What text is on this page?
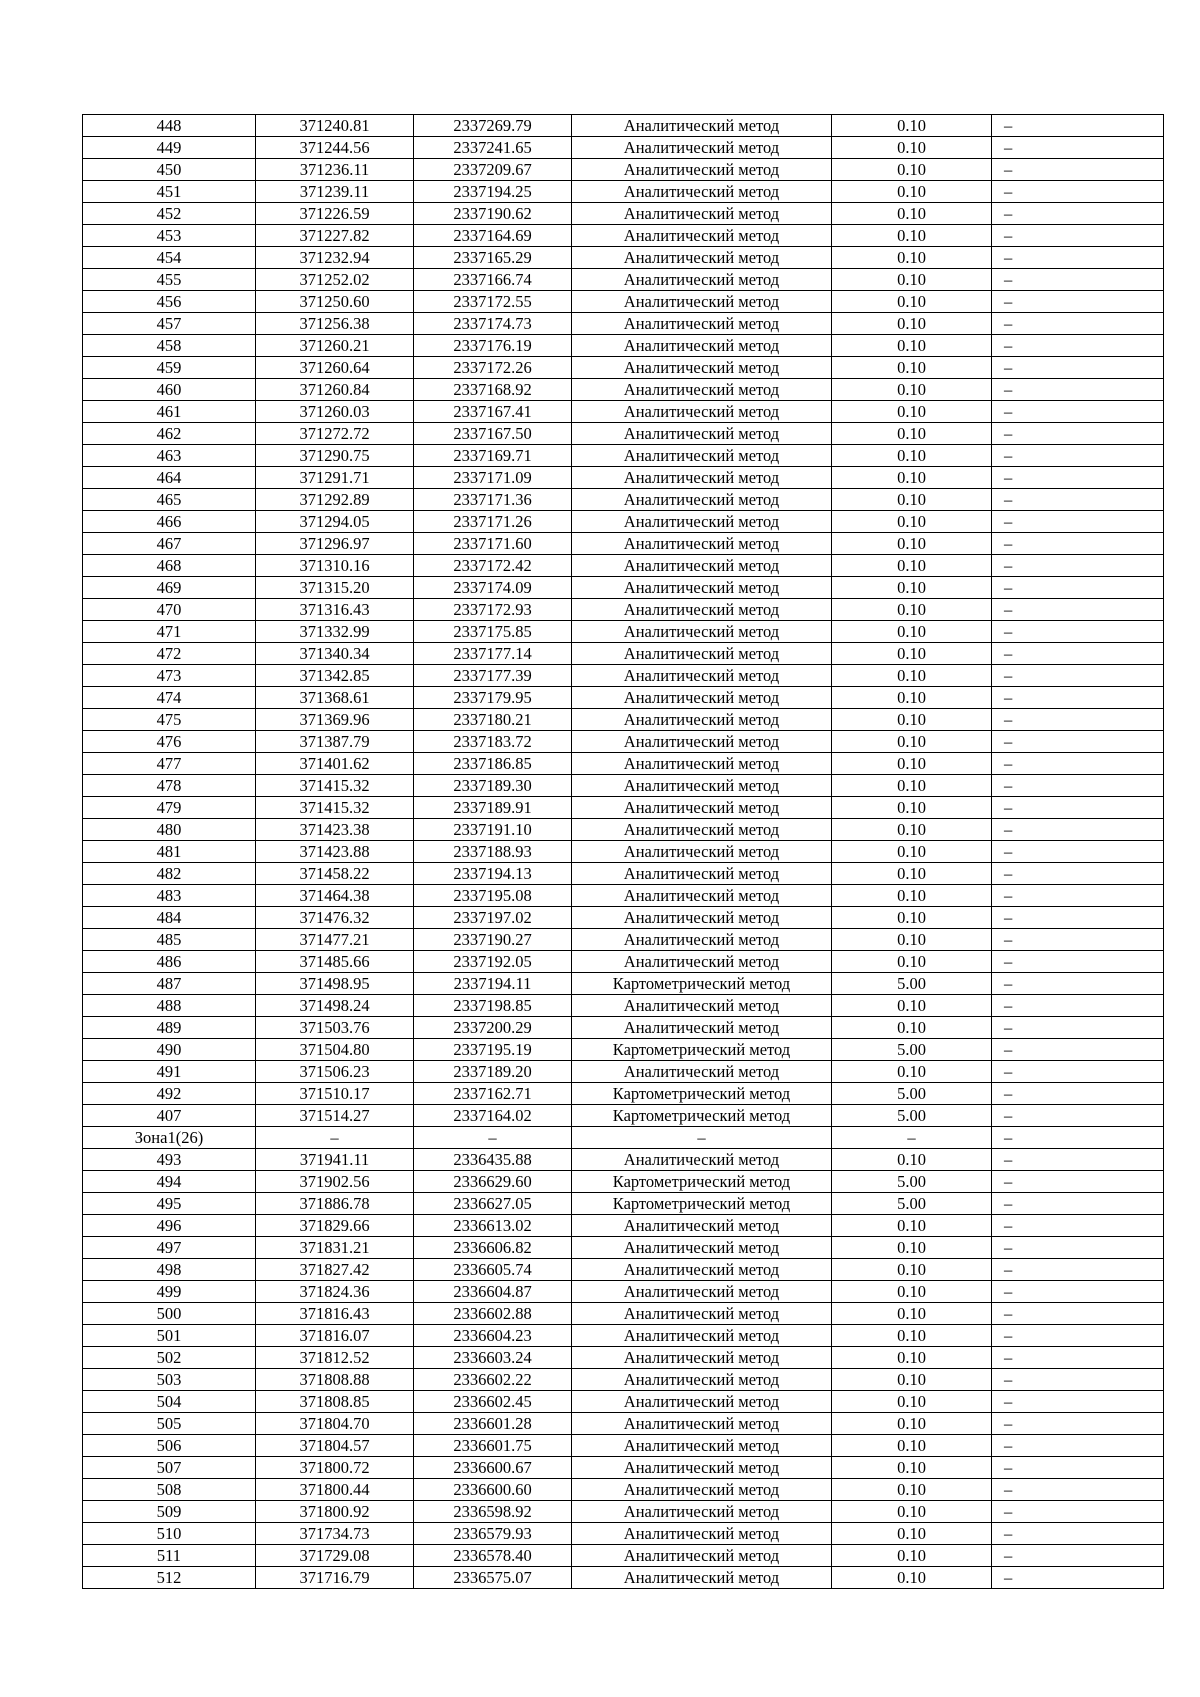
448	371240.81	2337269.79	Аналитический метод	0.10	–
449	371244.56	2337241.65	Аналитический метод	0.10	–
450	371236.11	2337209.67	Аналитический метод	0.10	–
451	371239.11	2337194.25	Аналитический метод	0.10	–
452	371226.59	2337190.62	Аналитический метод	0.10	–
453	371227.82	2337164.69	Аналитический метод	0.10	–
454	371232.94	2337165.29	Аналитический метод	0.10	–
455	371252.02	2337166.74	Аналитический метод	0.10	–
456	371250.60	2337172.55	Аналитический метод	0.10	–
457	371256.38	2337174.73	Аналитический метод	0.10	–
458	371260.21	2337176.19	Аналитический метод	0.10	–
459	371260.64	2337172.26	Аналитический метод	0.10	–
460	371260.84	2337168.92	Аналитический метод	0.10	–
461	371260.03	2337167.41	Аналитический метод	0.10	–
462	371272.72	2337167.50	Аналитический метод	0.10	–
463	371290.75	2337169.71	Аналитический метод	0.10	–
464	371291.71	2337171.09	Аналитический метод	0.10	–
465	371292.89	2337171.36	Аналитический метод	0.10	–
466	371294.05	2337171.26	Аналитический метод	0.10	–
467	371296.97	2337171.60	Аналитический метод	0.10	–
468	371310.16	2337172.42	Аналитический метод	0.10	–
469	371315.20	2337174.09	Аналитический метод	0.10	–
470	371316.43	2337172.93	Аналитический метод	0.10	–
471	371332.99	2337175.85	Аналитический метод	0.10	–
472	371340.34	2337177.14	Аналитический метод	0.10	–
473	371342.85	2337177.39	Аналитический метод	0.10	–
474	371368.61	2337179.95	Аналитический метод	0.10	–
475	371369.96	2337180.21	Аналитический метод	0.10	–
476	371387.79	2337183.72	Аналитический метод	0.10	–
477	371401.62	2337186.85	Аналитический метод	0.10	–
478	371415.32	2337189.30	Аналитический метод	0.10	–
479	371415.32	2337189.91	Аналитический метод	0.10	–
480	371423.38	2337191.10	Аналитический метод	0.10	–
481	371423.88	2337188.93	Аналитический метод	0.10	–
482	371458.22	2337194.13	Аналитический метод	0.10	–
483	371464.38	2337195.08	Аналитический метод	0.10	–
484	371476.32	2337197.02	Аналитический метод	0.10	–
485	371477.21	2337190.27	Аналитический метод	0.10	–
486	371485.66	2337192.05	Аналитический метод	0.10	–
487	371498.95	2337194.11	Картометрический метод	5.00	–
488	371498.24	2337198.85	Аналитический метод	0.10	–
489	371503.76	2337200.29	Аналитический метод	0.10	–
490	371504.80	2337195.19	Картометрический метод	5.00	–
491	371506.23	2337189.20	Аналитический метод	0.10	–
492	371510.17	2337162.71	Картометрический метод	5.00	–
407	371514.27	2337164.02	Картометрический метод	5.00	–
Зона1(26)	–	–	–	–	–
493	371941.11	2336435.88	Аналитический метод	0.10	–
494	371902.56	2336629.60	Картометрический метод	5.00	–
495	371886.78	2336627.05	Картометрический метод	5.00	–
496	371829.66	2336613.02	Аналитический метод	0.10	–
497	371831.21	2336606.82	Аналитический метод	0.10	–
498	371827.42	2336605.74	Аналитический метод	0.10	–
499	371824.36	2336604.87	Аналитический метод	0.10	–
500	371816.43	2336602.88	Аналитический метод	0.10	–
501	371816.07	2336604.23	Аналитический метод	0.10	–
502	371812.52	2336603.24	Аналитический метод	0.10	–
503	371808.88	2336602.22	Аналитический метод	0.10	–
504	371808.85	2336602.45	Аналитический метод	0.10	–
505	371804.70	2336601.28	Аналитический метод	0.10	–
506	371804.57	2336601.75	Аналитический метод	0.10	–
507	371800.72	2336600.67	Аналитический метод	0.10	–
508	371800.44	2336600.60	Аналитический метод	0.10	–
509	371800.92	2336598.92	Аналитический метод	0.10	–
510	371734.73	2336579.93	Аналитический метод	0.10	–
511	371729.08	2336578.40	Аналитический метод	0.10	–
512	371716.79	2336575.07	Аналитический метод	0.10	–
